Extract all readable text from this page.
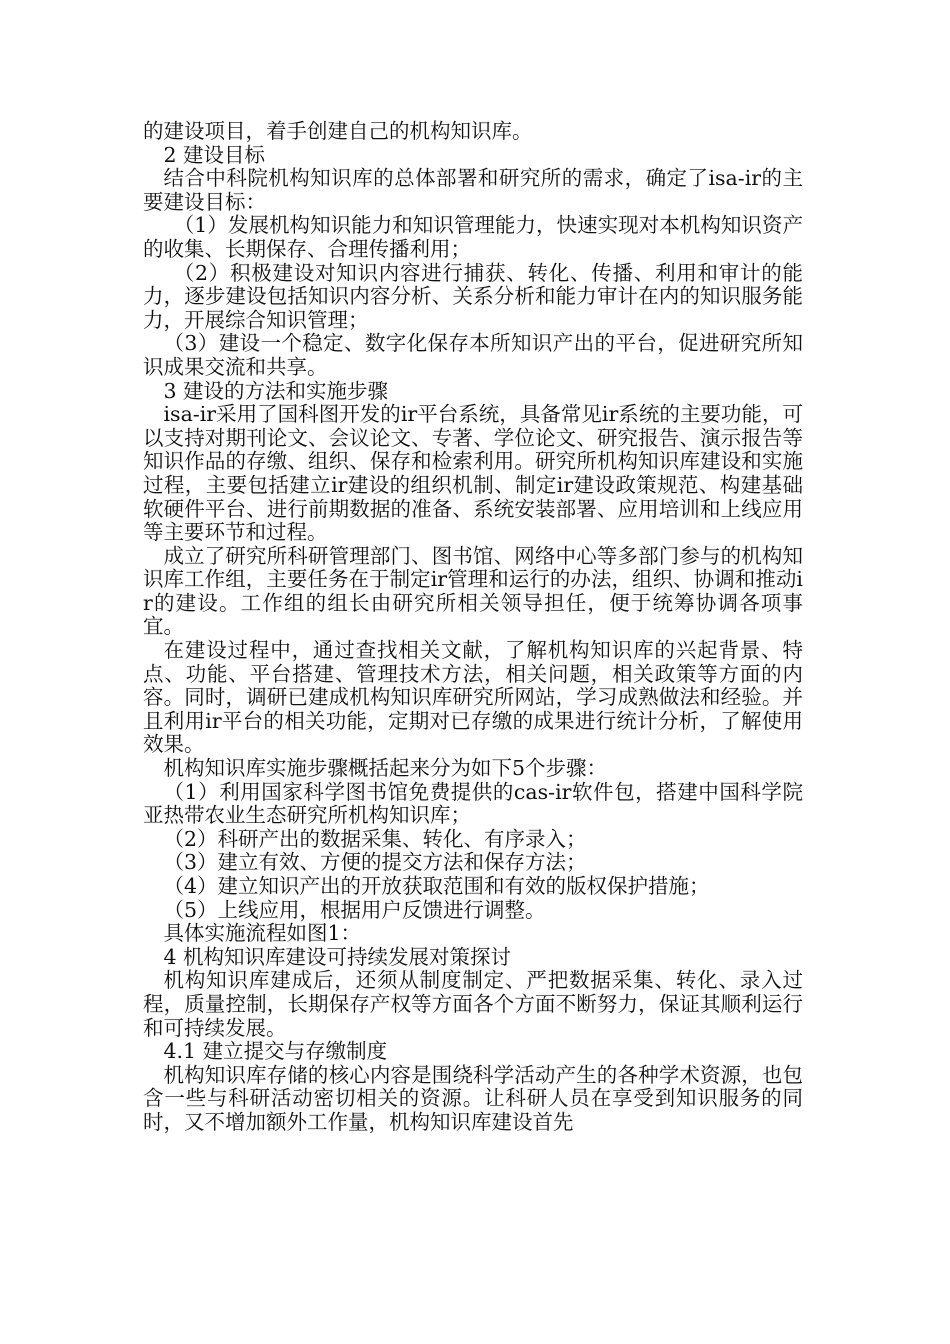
的建设项目，着手创建自己的机构知识库。

2 建设目标

结合中科院机构知识库的总体部署和研究所的需求，确定了isa-ir的主要建设目标：

（1）发展机构知识能力和知识管理能力，快速实现对本机构知识资产的收集、长期保存、合理传播利用；

（2）积极建设对知识内容进行捕获、转化、传播、利用和审计的能力，逐步建设包括知识内容分析、关系分析和能力审计在内的知识服务能力，开展综合知识管理；

（3）建设一个稳定、数字化保存本所知识产出的平台，促进研究所知识成果交流和共享。

3 建设的方法和实施步骤

isa-ir采用了国科图开发的ir平台系统，具备常见ir系统的主要功能，可以支持对期刊论文、会议论文、专著、学位论文、研究报告、演示报告等知识作品的存缴、组织、保存和检索利用。研究所机构知识库建设和实施过程，主要包括建立ir建设的组织机制、制定ir建设政策规范、构建基础软硬件平台、进行前期数据的准备、系统安装部署、应用培训和上线应用等主要环节和过程。

成立了研究所科研管理部门、图书馆、网络中心等多部门参与的机构知识库工作组，主要任务在于制定ir管理和运行的办法，组织、协调和推动ir的建设。工作组的组长由研究所相关领导担任，便于统筹协调各项事宜。

在建设过程中，通过查找相关文献，了解机构知识库的兴起背景、特点、功能、平台搭建、管理技术方法，相关问题，相关政策等方面的内容。同时，调研已建成机构知识库研究所网站，学习成熟做法和经验。并且利用ir平台的相关功能，定期对已存缴的成果进行统计分析，了解使用效果。

机构知识库实施步骤概括起来分为如下5个步骤：

（1）利用国家科学图书馆免费提供的cas-ir软件包，搭建中国科学院亚热带农业生态研究所机构知识库；

（2）科研产出的数据采集、转化、有序录入；

（3）建立有效、方便的提交方法和保存方法；

（4）建立知识产出的开放获取范围和有效的版权保护措施；

（5）上线应用，根据用户反馈进行调整。

具体实施流程如图1：

4 机构知识库建设可持续发展对策探讨

机构知识库建成后，还须从制度制定、严把数据采集、转化、录入过程，质量控制，长期保存产权等方面各个方面不断努力，保证其顺利运行和可持续发展。

4.1 建立提交与存缴制度

机构知识库存储的核心内容是围绕科学活动产生的各种学术资源，也包含一些与科研活动密切相关的资源。让科研人员在享受到知识服务的同时，又不增加额外工作量，机构知识库建设首先
